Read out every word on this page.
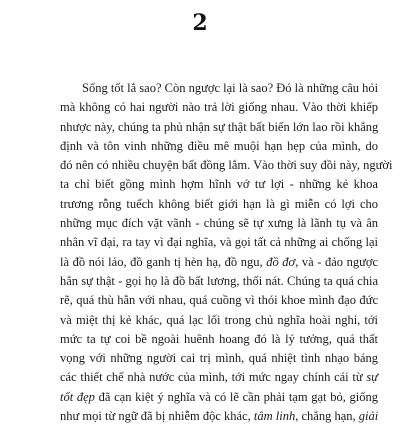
2
Sống tốt lắ sao? Còn ngược lại là sao? Đó là những câu hỏi
mà không có hai người nào trả lời giống nhau. Vào thời khiếp
nhược này, chúng ta phủ nhận sự thật bất biến lớn lao rồi khẳng
định và tôn vinh những điều mê muội hạn hẹp của mình, do
đó nên có nhiều chuyện bất đồng lắm. Vào thời suy đồi này, người
ta chỉ biết gồng mình hợm hĩnh vớ tư lợi - những kẻ khoa
trương rỗng tuếch không biết giới hạn là gì miễn có lợi cho
những mục đích vặt vãnh - chúng sẽ tự xưng là lãnh tụ và ân
nhân vĩ đại, ra tay vì đại nghĩa, và gọi tất cả những ai chống lại
là đồ nói láo, đồ ganh tị hèn hạ, đồ ngu, đồ đơ, và - đảo ngược
hẳn sự thật - gọi họ là đồ bất lương, thối nát. Chúng ta quá chia
rẽ, quá thù hằn với nhau, quá cuồng vì thói khoe mình đạo đức
và miệt thị kẻ khác, quá lạc lối trong chủ nghĩa hoài nghi, tới
mức ta tự coi bề ngoài huênh hoang đó là lý tưởng, quá thất
vọng với những người cai trị mình, quá nhiệt tình nhạo báng
các thiết chế nhà nước của mình, tới mức ngay chính cái từ sự
tốt đẹp đã cạn kiệt ý nghĩa và có lẽ cần phải tạm gạt bỏ, giống
như mọi từ ngữ đã bị nhiễm độc khác, tâm linh, chẳng hạn, giải
